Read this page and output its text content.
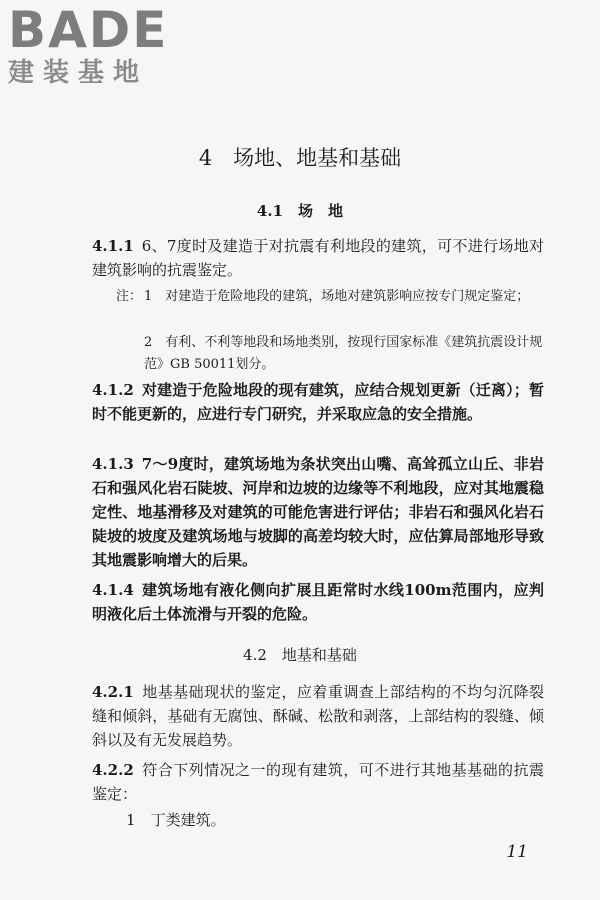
BADE
建装基地
4　 场地、地基和基础
4.1　 场　地
4.1.1 6、7度时及建造于对抗震有利地段的建筑，可不进行场地对建筑影响的抗震鉴定。
注： 1　 对建造于危险地段的建筑，场地对建筑影响应按专门规定鉴定；
2　 有利、不利等地段和场地类别，按现行国家标准《建筑抗震设计规范》GB 50011划分。
4.1.2 对建造于危险地段的现有建筑，应结合规划更新（迁离）；暂时不能更新的，应进行专门研究，并采取应急的安全措施。
4.1.3 7～9度时，建筑场地为条状突出山嘴、高耸孤立山丘、非岩石和强风化岩石陡坡、河岸和边坡的边缘等不利地段，应对其地震稳定性、地基滑移及对建筑的可能危害进行评估；非岩石和强风化岩石陡坡的坡度及建筑场地与坡脚的高差均较大时，应估算局部地形导致其地震影响增大的后果。
4.1.4 建筑场地有液化侧向扩展且距常时水线100m范围内，应判明液化后土体流滑与开裂的危险。
4.2　 地基和基础
4.2.1 地基基础现状的鉴定，应着重调查上部结构的不均匀沉降裂缝和倾斜，基础有无腐蚀、酥碱、松散和剥落，上部结构的裂缝、倾斜以及有无发展趋势。
4.2.2 符合下列情况之一的现有建筑，可不进行其地基基础的抗震鉴定：
1　 丁类建筑。
11
